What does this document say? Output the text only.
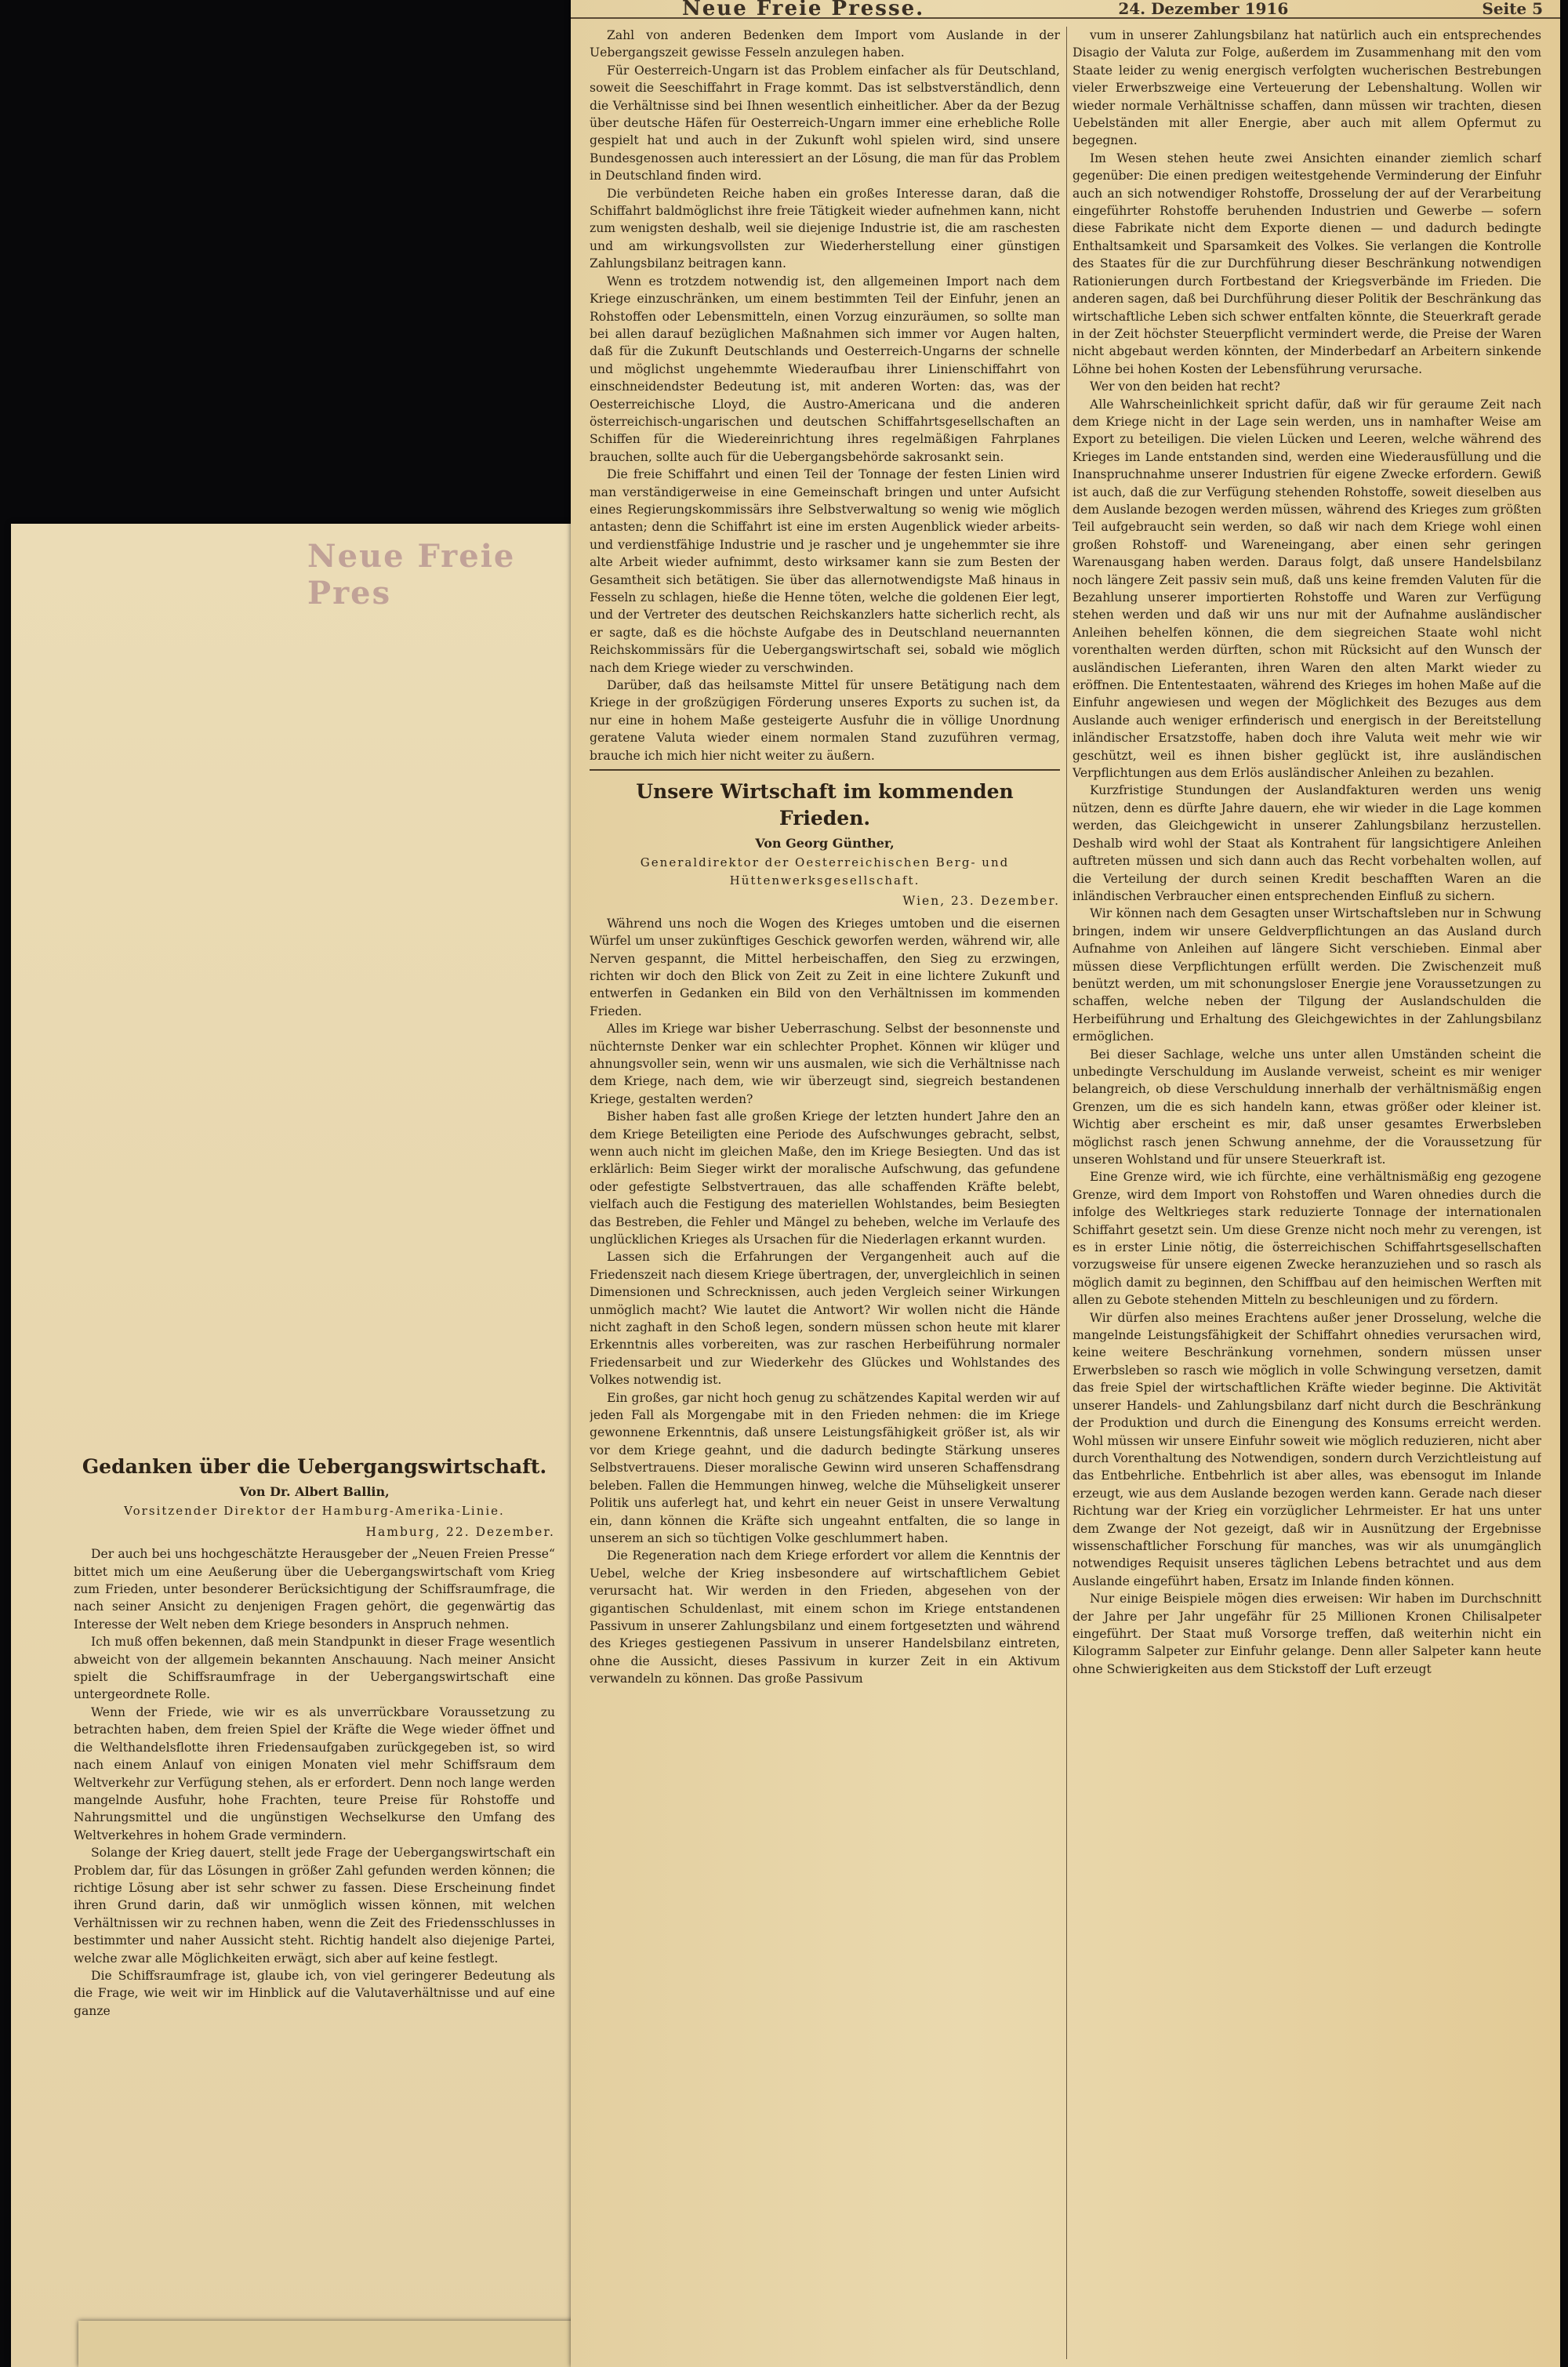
Neue Freie Pres
Gedanken über die Uebergangswirtschaft.
Von Dr. Albert Ballin,
Vorsitzender Direktor der Hamburg-Amerika-Linie.
Hamburg, 22. Dezember.

Der auch bei uns hochgeschätzte Herausgeber der „Neuen Freien Presse“ bittet mich um eine Aeußerung über die Uebergangswirtschaft vom Krieg zum Frieden, unter besonderer Berücksichtigung der Schiffsraumfrage, die nach seiner Ansicht zu denjenigen Fragen gehört, die gegenwärtig das Interesse der Welt neben dem Kriege besonders in Anspruch nehmen.

Ich muß offen bekennen, daß mein Standpunkt in dieser Frage wesentlich abweicht von der allgemein bekannten Anschauung. Nach meiner Ansicht spielt die Schiffsraumfrage in der Uebergangswirtschaft eine untergeordnete Rolle.

Wenn der Friede, wie wir es als unverrückbare Voraussetzung zu betrachten haben, dem freien Spiel der Kräfte die Wege wieder öffnet und die Welthandelsflotte ihren Friedensaufgaben zurückgegeben ist, so wird nach einem Anlauf von einigen Monaten viel mehr Schiffsraum dem Weltverkehr zur Verfügung stehen, als er erfordert. Denn noch lange werden mangelnde Ausfuhr, hohe Frachten, teure Preise für Rohstoffe und Nahrungsmittel und die ungünstigen Wechselkurse den Umfang des Weltverkehres in hohem Grade vermindern.

Solange der Krieg dauert, stellt jede Frage der Uebergangswirtschaft ein Problem dar, für das Lösungen in größer Zahl gefunden werden können; die richtige Lösung aber ist sehr schwer zu fassen. Diese Erscheinung findet ihren Grund darin, daß wir unmöglich wissen können, mit welchen Verhältnissen wir zu rechnen haben, wenn die Zeit des Friedensschlusses in bestimmter und naher Aussicht steht. Richtig handelt also diejenige Partei, welche zwar alle Möglichkeiten erwägt, sich aber auf keine festlegt.

Die Schiffsraumfrage ist, glaube ich, von viel geringerer Bedeutung als die Frage, wie weit wir im Hinblick auf die Valutaverhältnisse und auf eine ganze

Neue Freie Presse.	24. Dezember 1916	Seite 5

Zahl von anderen Bedenken dem Import vom Auslande in der Uebergangszeit gewisse Fesseln anzulegen haben.

Für Oesterreich-Ungarn ist das Problem einfacher als für Deutschland, soweit die Seeschiffahrt in Frage kommt. Das ist selbstverständlich, denn die Verhältnisse sind bei Ihnen wesentlich einheitlicher. Aber da der Bezug über deutsche Häfen für Oesterreich-Ungarn immer eine erhebliche Rolle gespielt hat und auch in der Zukunft wohl spielen wird, sind unsere Bundesgenossen auch interessiert an der Lösung, die man für das Problem in Deutschland finden wird.

Die verbündeten Reiche haben ein großes Interesse daran, daß die Schiffahrt baldmöglichst ihre freie Tätigkeit wieder aufnehmen kann, nicht zum wenigsten deshalb, weil sie diejenige Industrie ist, die am raschesten und am wirkungsvollsten zur Wiederherstellung einer günstigen Zahlungsbilanz beitragen kann.

Wenn es trotzdem notwendig ist, den allgemeinen Import nach dem Kriege einzuschränken, um einem bestimmten Teil der Einfuhr, jenen an Rohstoffen oder Lebensmitteln, einen Vorzug einzuräumen, so sollte man bei allen darauf bezüglichen Maßnahmen sich immer vor Augen halten, daß für die Zukunft Deutschlands und Oesterreich-Ungarns der schnelle und möglichst ungehemmte Wiederaufbau ihrer Linienschiffahrt von einschneidendster Bedeutung ist, mit anderen Worten: das, was der Oesterreichische Lloyd, die Austro-Americana und die anderen österreichisch-ungarischen und deutschen Schiffahrtsgesellschaften an Schiffen für die Wiedereinrichtung ihres regelmäßigen Fahrplanes brauchen, sollte auch für die Uebergangsbehörde sakrosankt sein.

Die freie Schiffahrt und einen Teil der Tonnage der festen Linien wird man verständigerweise in eine Gemeinschaft bringen und unter Aufsicht eines Regierungskommissärs ihre Selbstverwaltung so wenig wie möglich antasten; denn die Schiffahrt ist eine im ersten Augenblick wieder arbeits- und verdienstfähige Industrie und je rascher und je ungehemmter sie ihre alte Arbeit wieder aufnimmt, desto wirksamer kann sie zum Besten der Gesamtheit sich betätigen. Sie über das allernotwendigste Maß hinaus in Fesseln zu schlagen, hieße die Henne töten, welche die goldenen Eier legt, und der Vertreter des deutschen Reichskanzlers hatte sicherlich recht, als er sagte, daß es die höchste Aufgabe des in Deutschland neuernannten Reichskommissärs für die Uebergangswirtschaft sei, sobald wie möglich nach dem Kriege wieder zu verschwinden.

Darüber, daß das heilsamste Mittel für unsere Betätigung nach dem Kriege in der großzügigen Förderung unseres Exports zu suchen ist, da nur eine in hohem Maße gesteigerte Ausfuhr die in völlige Unordnung geratene Valuta wieder einem normalen Stand zuzuführen vermag, brauche ich mich hier nicht weiter zu äußern.

Unsere Wirtschaft im kommenden Frieden.
Von Georg Günther,
Generaldirektor der Oesterreichischen Berg- und Hüttenwerksgesellschaft.
Wien, 23. Dezember.

Während uns noch die Wogen des Krieges umtoben und die eisernen Würfel um unser zukünftiges Geschick geworfen werden, während wir, alle Nerven gespannt, die Mittel herbeischaffen, den Sieg zu erzwingen, richten wir doch den Blick von Zeit zu Zeit in eine lichtere Zukunft und entwerfen in Gedanken ein Bild von den Verhältnissen im kommenden Frieden.

Alles im Kriege war bisher Ueberraschung. Selbst der besonnenste und nüchternste Denker war ein schlechter Prophet. Können wir klüger und ahnungsvoller sein, wenn wir uns ausmalen, wie sich die Verhältnisse nach dem Kriege, nach dem, wie wir überzeugt sind, siegreich bestandenen Kriege, gestalten werden?

Bisher haben fast alle großen Kriege der letzten hundert Jahre den an dem Kriege Beteiligten eine Periode des Aufschwunges gebracht, selbst, wenn auch nicht im gleichen Maße, den im Kriege Besiegten. Und das ist erklärlich: Beim Sieger wirkt der moralische Aufschwung, das gefundene oder gefestigte Selbstvertrauen, das alle schaffenden Kräfte belebt, vielfach auch die Festigung des materiellen Wohlstandes, beim Besiegten das Bestreben, die Fehler und Mängel zu beheben, welche im Verlaufe des unglücklichen Krieges als Ursachen für die Niederlagen erkannt wurden.

Lassen sich die Erfahrungen der Vergangenheit auch auf die Friedenszeit nach diesem Kriege übertragen, der, unvergleichlich in seinen Dimensionen und Schrecknissen, auch jeden Vergleich seiner Wirkungen unmöglich macht? Wie lautet die Antwort? Wir wollen nicht die Hände nicht zaghaft in den Schoß legen, sondern müssen schon heute mit klarer Erkenntnis alles vorbereiten, was zur raschen Herbeiführung normaler Friedensarbeit und zur Wiederkehr des Glückes und Wohlstandes des Volkes notwendig ist.

Ein großes, gar nicht hoch genug zu schätzendes Kapital werden wir auf jeden Fall als Morgengabe mit in den Frieden nehmen: die im Kriege gewonnene Erkenntnis, daß unsere Leistungsfähigkeit größer ist, als wir vor dem Kriege geahnt, und die dadurch bedingte Stärkung unseres Selbstvertrauens. Dieser moralische Gewinn wird unseren Schaffensdrang beleben. Fallen die Hemmungen hinweg, welche die Mühseligkeit unserer Politik uns auferlegt hat, und kehrt ein neuer Geist in unsere Verwaltung ein, dann können die Kräfte sich ungeahnt entfalten, die so lange in unserem an sich so tüchtigen Volke geschlummert haben.

Die Regeneration nach dem Kriege erfordert vor allem die Kenntnis der Uebel, welche der Krieg insbesondere auf wirtschaftlichem Gebiet verursacht hat. Wir werden in den Frieden, abgesehen von der gigantischen Schuldenlast, mit einem schon im Kriege entstandenen Passivum in unserer Zahlungsbilanz und einem fortgesetzten und während des Krieges gestiegenen Passivum in unserer Handelsbilanz eintreten, ohne die Aussicht, dieses Passivum in kurzer Zeit in ein Aktivum verwandeln zu können. Das große Passivum

vum in unserer Zahlungsbilanz hat natürlich auch ein entsprechendes Disagio der Valuta zur Folge, außerdem im Zusammenhang mit den vom Staate leider zu wenig energisch verfolgten wucherischen Bestrebungen vieler Erwerbszweige eine Verteuerung der Lebenshaltung. Wollen wir wieder normale Verhältnisse schaffen, dann müssen wir trachten, diesen Uebelständen mit aller Energie, aber auch mit allem Opfermut zu begegnen.

Im Wesen stehen heute zwei Ansichten einander ziemlich scharf gegenüber: Die einen predigen weitestgehende Verminderung der Einfuhr auch an sich notwendiger Rohstoffe, Drosselung der auf der Verarbeitung eingeführter Rohstoffe beruhenden Industrien und Gewerbe — sofern diese Fabrikate nicht dem Exporte dienen — und dadurch bedingte Enthaltsamkeit und Sparsamkeit des Volkes. Sie verlangen die Kontrolle des Staates für die zur Durchführung dieser Beschränkung notwendigen Rationierungen durch Fortbestand der Kriegsverbände im Frieden. Die anderen sagen, daß bei Durchführung dieser Politik der Beschränkung das wirtschaftliche Leben sich schwer entfalten könnte, die Steuerkraft gerade in der Zeit höchster Steuerpflicht vermindert werde, die Preise der Waren nicht abgebaut werden könnten, der Minderbedarf an Arbeitern sinkende Löhne bei hohen Kosten der Lebensführung verursache.

Wer von den beiden hat recht?

Alle Wahrscheinlichkeit spricht dafür, daß wir für geraume Zeit nach dem Kriege nicht in der Lage sein werden, uns in namhafter Weise am Export zu beteiligen. Die vielen Lücken und Leeren, welche während des Krieges im Lande entstanden sind, werden eine Wiederausfüllung und die Inanspruchnahme unserer Industrien für eigene Zwecke erfordern. Gewiß ist auch, daß die zur Verfügung stehenden Rohstoffe, soweit dieselben aus dem Auslande bezogen werden müssen, während des Krieges zum größten Teil aufgebraucht sein werden, so daß wir nach dem Kriege wohl einen großen Rohstoff- und Wareneingang, aber einen sehr geringen Warenausgang haben werden. Daraus folgt, daß unsere Handelsbilanz noch längere Zeit passiv sein muß, daß uns keine fremden Valuten für die Bezahlung unserer importierten Rohstoffe und Waren zur Verfügung stehen werden und daß wir uns nur mit der Aufnahme ausländischer Anleihen behelfen können, die dem siegreichen Staate wohl nicht vorenthalten werden dürften, schon mit Rücksicht auf den Wunsch der ausländischen Lieferanten, ihren Waren den alten Markt wieder zu eröffnen. Die Ententestaaten, während des Krieges im hohen Maße auf die Einfuhr angewiesen und wegen der Möglichkeit des Bezuges aus dem Auslande auch weniger erfinderisch und energisch in der Bereitstellung inländischer Ersatzstoffe, haben doch ihre Valuta weit mehr wie wir geschützt, weil es ihnen bisher geglückt ist, ihre ausländischen Verpflichtungen aus dem Erlös ausländischer Anleihen zu bezahlen.

Kurzfristige Stundungen der Auslandfakturen werden uns wenig nützen, denn es dürfte Jahre dauern, ehe wir wieder in die Lage kommen werden, das Gleichgewicht in unserer Zahlungsbilanz herzustellen. Deshalb wird wohl der Staat als Kontrahent für langsichtigere Anleihen auftreten müssen und sich dann auch das Recht vorbehalten wollen, auf die Verteilung der durch seinen Kredit beschafften Waren an die inländischen Verbraucher einen entsprechenden Einfluß zu sichern.

Wir können nach dem Gesagten unser Wirtschaftsleben nur in Schwung bringen, indem wir unsere Geldverpflichtungen an das Ausland durch Aufnahme von Anleihen auf längere Sicht verschieben. Einmal aber müssen diese Verpflichtungen erfüllt werden. Die Zwischenzeit muß benützt werden, um mit schonungsloser Energie jene Voraussetzungen zu schaffen, welche neben der Tilgung der Auslandschulden die Herbeiführung und Erhaltung des Gleichgewichtes in der Zahlungsbilanz ermöglichen.

Bei dieser Sachlage, welche uns unter allen Umständen scheint die unbedingte Verschuldung im Auslande verweist, scheint es mir weniger belangreich, ob diese Verschuldung innerhalb der verhältnismäßig engen Grenzen, um die es sich handeln kann, etwas größer oder kleiner ist. Wichtig aber erscheint es mir, daß unser gesamtes Erwerbsleben möglichst rasch jenen Schwung annehme, der die Voraussetzung für unseren Wohlstand und für unsere Steuerkraft ist.

Eine Grenze wird, wie ich fürchte, eine verhältnismäßig eng gezogene Grenze, wird dem Import von Rohstoffen und Waren ohnedies durch die infolge des Weltkrieges stark reduzierte Tonnage der internationalen Schiffahrt gesetzt sein. Um diese Grenze nicht noch mehr zu verengen, ist es in erster Linie nötig, die österreichischen Schiffahrtsgesellschaften vorzugsweise für unsere eigenen Zwecke heranzuziehen und so rasch als möglich damit zu beginnen, den Schiffbau auf den heimischen Werften mit allen zu Gebote stehenden Mitteln zu beschleunigen und zu fördern.

Wir dürfen also meines Erachtens außer jener Drosselung, welche die mangelnde Leistungsfähigkeit der Schiffahrt ohnedies verursachen wird, keine weitere Beschränkung vornehmen, sondern müssen unser Erwerbsleben so rasch wie möglich in volle Schwingung versetzen, damit das freie Spiel der wirtschaftlichen Kräfte wieder beginne. Die Aktivität unserer Handels- und Zahlungsbilanz darf nicht durch die Beschränkung der Produktion und durch die Einengung des Konsums erreicht werden. Wohl müssen wir unsere Einfuhr soweit wie möglich reduzieren, nicht aber durch Vorenthaltung des Notwendigen, sondern durch Verzichtleistung auf das Entbehrliche. Entbehrlich ist aber alles, was ebensogut im Inlande erzeugt, wie aus dem Auslande bezogen werden kann. Gerade nach dieser Richtung war der Krieg ein vorzüglicher Lehrmeister. Er hat uns unter dem Zwange der Not gezeigt, daß wir in Ausnützung der Ergebnisse wissenschaftlicher Forschung für manches, was wir als unumgänglich notwendiges Requisit unseres täglichen Lebens betrachtet und aus dem Auslande eingeführt haben, Ersatz im Inlande finden können.

Nur einige Beispiele mögen dies erweisen: Wir haben im Durchschnitt der Jahre per Jahr ungefähr für 25 Millionen Kronen Chilisalpeter eingeführt. Der Staat muß Vorsorge treffen, daß weiterhin nicht ein Kilogramm Salpeter zur Einfuhr gelange. Denn aller Salpeter kann heute ohne Schwierigkeiten aus dem Stickstoff der Luft erzeugt
